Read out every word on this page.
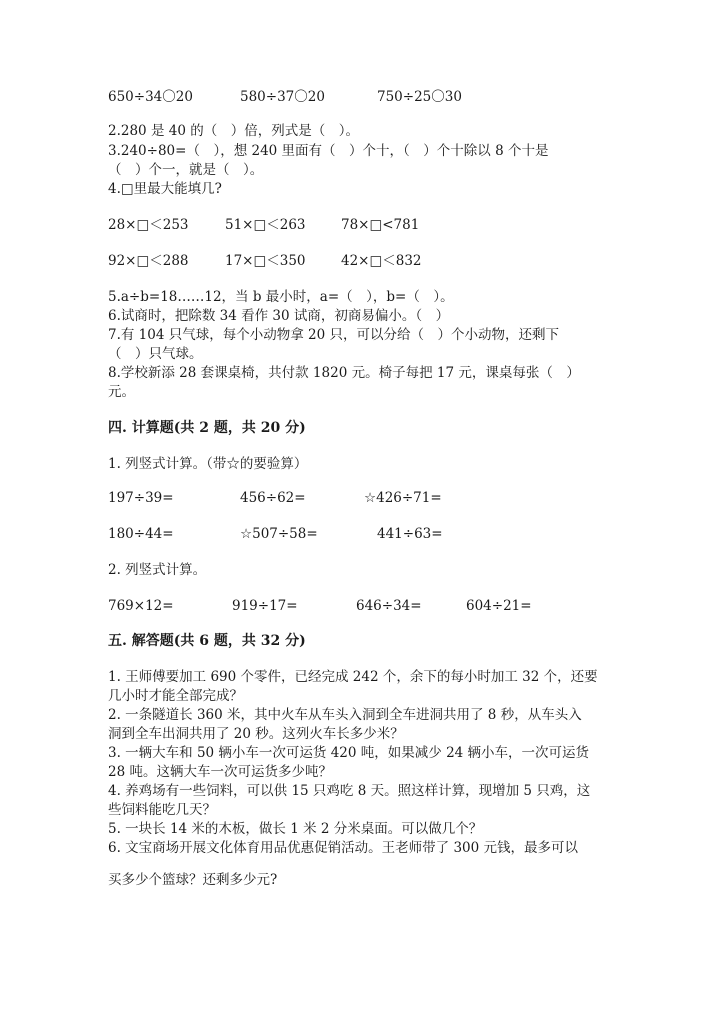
650÷34〇20	580÷37〇20	750÷25〇30
2.280 是 40 的（　）倍，列式是（　）。
3.240÷80=（　），想 240 里面有（　）个十，（　）个十除以 8 个十是
（　）个一，就是（　）。
4.□里最大能填几?
28×□＜253	51×□＜263	78×□<781
92×□＜288	17×□＜350	42×□＜832
5.a÷b=18……12，当 b 最小时，a=（　），b=（　）。
6.试商时，把除数 34 看作 30 试商，初商易偏小。（　）
7.有 104 只气球，每个小动物拿 20 只，可以分给（　）个小动物，还剩下
（　）只气球。
8.学校新添 28 套课桌椅，共付款 1820 元。椅子每把 17 元，课桌每张（　）
元。
四. 计算题(共 2 题，共 20 分)
1. 列竖式计算。（带☆的要验算）
197÷39=	456÷62=	☆426÷71=
180÷44=	☆507÷58=	441÷63=
2. 列竖式计算。
769×12=	919÷17=	646÷34=	604÷21=
五. 解答题(共 6 题，共 32 分)
1. 王师傅要加工 690 个零件，已经完成 242 个，余下的每小时加工 32 个，还要
几小时才能全部完成？
2. 一条隧道长 360 米，其中火车从车头入洞到全车进洞共用了 8 秒，从车头入
洞到全车出洞共用了 20 秒。这列火车长多少米？
3. 一辆大车和 50 辆小车一次可运货 420 吨，如果减少 24 辆小车，一次可运货
28 吨。这辆大车一次可运货多少吨？
4. 养鸡场有一些饲料，可以供 15 只鸡吃 8 天。照这样计算，现增加 5 只鸡，这
些饲料能吃几天？
5. 一块长 14 米的木板，做长 1 米 2 分米桌面。可以做几个？
6. 文宝商场开展文化体育用品优惠促销活动。王老师带了 300 元钱，最多可以
买多少个篮球？还剩多少元?
